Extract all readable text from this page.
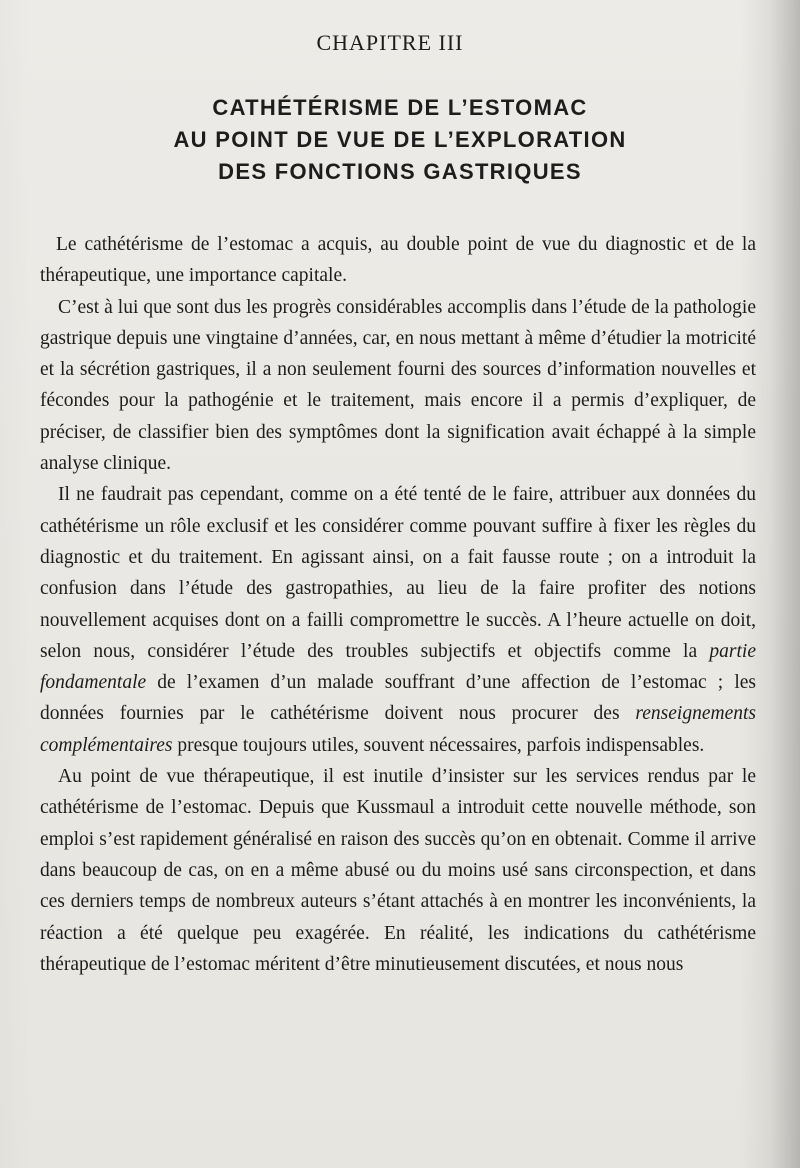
CHAPITRE III
CATHÉTÉRISME DE L’ESTOMAC
AU POINT DE VUE DE L’EXPLORATION
DES FONCTIONS GASTRIQUES

Le cathétérisme de l’estomac a acquis, au double point de vue du diagnostic et de la thérapeutique, une importance capitale.

C’est à lui que sont dus les progrès considérables accomplis dans l’étude de la pathologie gastrique depuis une vingtaine d’années, car, en nous mettant à même d’étudier la motricité et la sécrétion gastriques, il a non seulement fourni des sources d’information nouvelles et fécondes pour la pathogénie et le traitement, mais encore il a permis d’expliquer, de préciser, de classifier bien des symptômes dont la signification avait échappé à la simple analyse clinique.

Il ne faudrait pas cependant, comme on a été tenté de le faire, attribuer aux données du cathétérisme un rôle exclusif et les considérer comme pouvant suffire à fixer les règles du diagnostic et du traitement. En agissant ainsi, on a fait fausse route ; on a introduit la confusion dans l’étude des gastropathies, au lieu de la faire profiter des notions nouvellement acquises dont on a failli compromettre le succès. A l’heure actuelle on doit, selon nous, considérer l’étude des troubles subjectifs et objectifs comme la partie fondamentale de l’examen d’un malade souffrant d’une affection de l’estomac ; les données fournies par le cathétérisme doivent nous procurer des renseignements complémentaires presque toujours utiles, souvent nécessaires, parfois indispensables.

Au point de vue thérapeutique, il est inutile d’insister sur les services rendus par le cathétérisme de l’estomac. Depuis que Kussmaul a introduit cette nouvelle méthode, son emploi s’est rapidement généralisé en raison des succès qu’on en obtenait. Comme il arrive dans beaucoup de cas, on en a même abusé ou du moins usé sans circonspection, et dans ces derniers temps de nombreux auteurs s’étant attachés à en montrer les inconvénients, la réaction a été quelque peu exagérée. En réalité, les indications du cathétérisme thérapeutique de l’estomac méritent d’être minutieusement discutées, et nous nous
